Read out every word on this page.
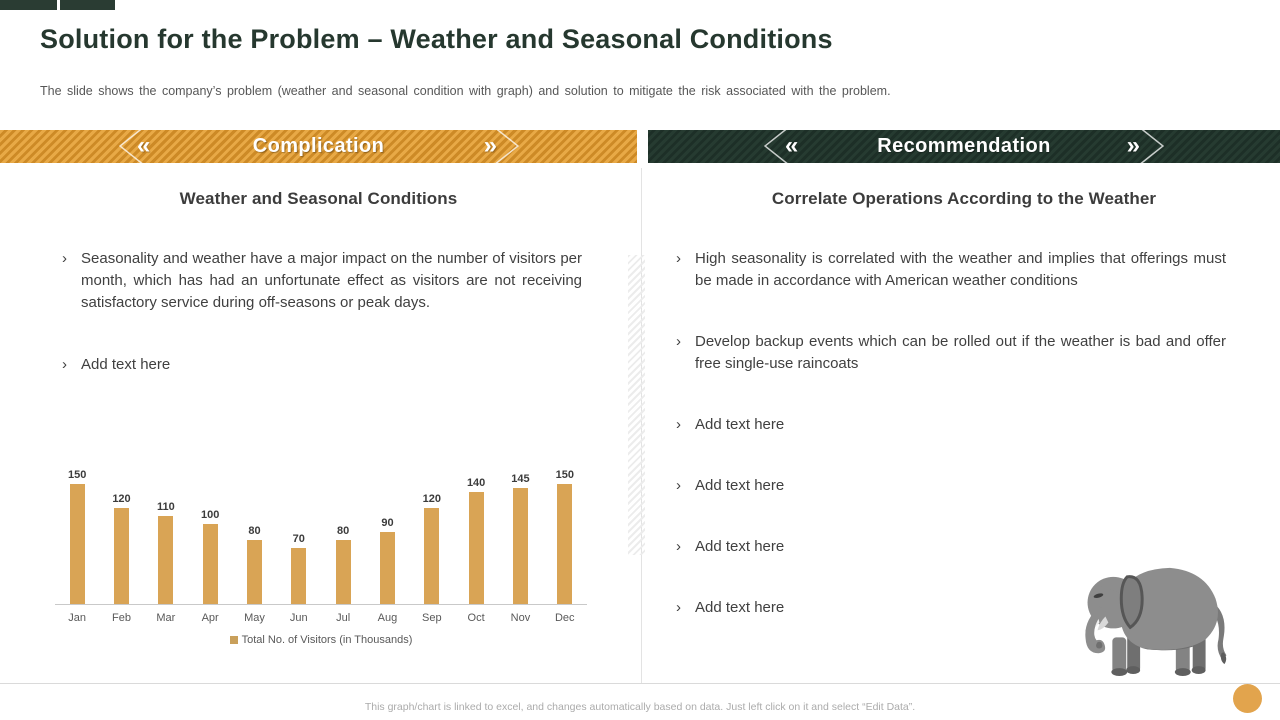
Solution for the Problem – Weather and Seasonal Conditions
The slide shows the company’s problem (weather and seasonal condition with graph) and solution to mitigate the risk associated with the problem.
«	Complication	»	«	Recommendation	»
Weather and Seasonal Conditions	Correlate Operations According to the Weather
› Seasonality and weather have a major impact on the number of visitors per month, which has had an unfortunate effect as visitors are not receiving satisfactory service during off-seasons or peak days.
› Add text here
› High seasonality is correlated with the weather and implies that offerings must be made in accordance with American weather conditions
› Develop backup events which can be rolled out if the weather is bad and offer free single-use raincoats
› Add text here
› Add text here
› Add text here
› Add text here
150
120
110
100
80
70
80
90
120
140 145 150
Jan	Feb	Mar	Apr	May	Jun	Jul	Aug	Sep	Oct	Nov	Dec
Total No. of Visitors (in Thousands)
This graph/chart is linked to excel, and changes automatically based on data. Just left click on it and select “Edit Data”.
